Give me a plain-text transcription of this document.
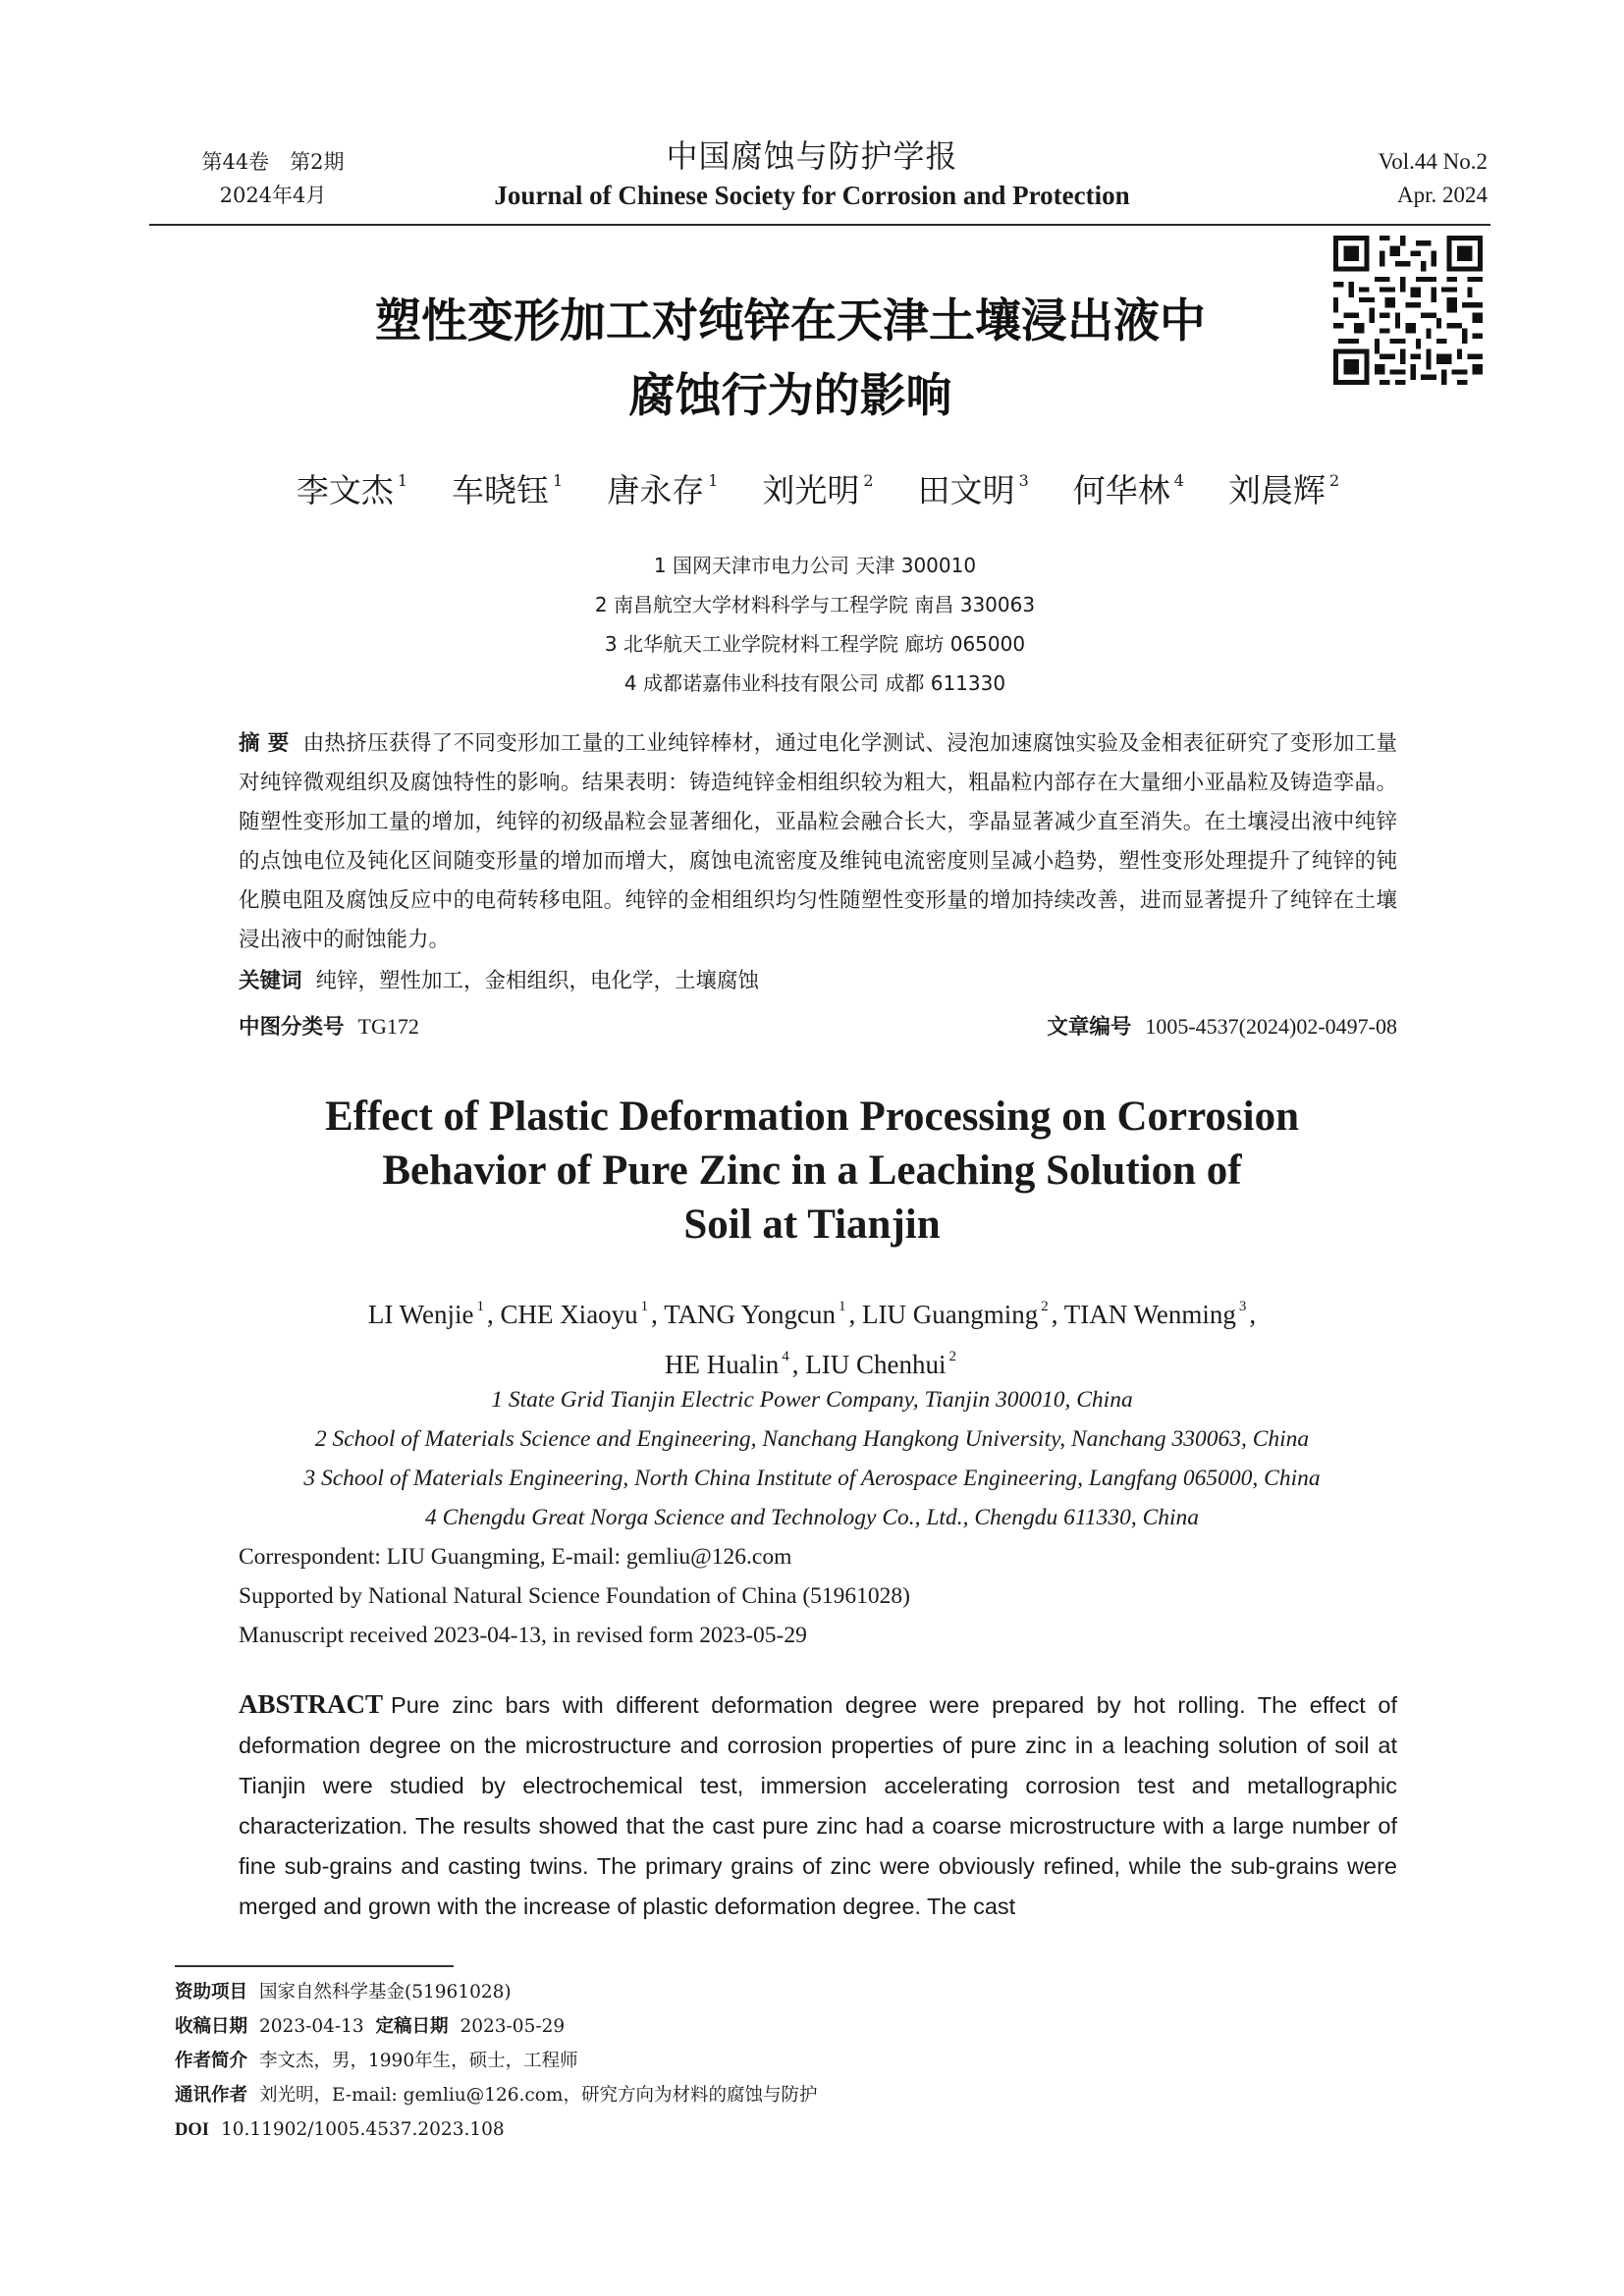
第44卷　第2期
2024年4月
中国腐蚀与防护学报
Journal of Chinese Society for Corrosion and Protection
Vol.44 No.2
Apr. 2024
塑性变形加工对纯锌在天津土壤浸出液中
腐蚀行为的影响
李文杰 $^1$ 车晓钰 $^1$ 唐永存 $^1$ 刘光明 $^2$ 田文明 $^3$ 何华林 $^4$ 刘晨辉 $^2$
1 国网天津市电力公司 天津 300010
2 南昌航空大学材料科学与工程学院 南昌 330063
3 北华航天工业学院材料工程学院 廊坊 065000
4 成都诺嘉伟业科技有限公司 成都 611330
摘 要 由热挤压获得了不同变形加工量的工业纯锌棒材，通过电化学测试、浸泡加速腐蚀实验及金相表征研究了变形加工量对纯锌微观组织及腐蚀特性的影响。结果表明：铸造纯锌金相组织较为粗大，粗晶粒内部存在大量细小亚晶粒及铸造孪晶。随塑性变形加工量的增加，纯锌的初级晶粒会显著细化，亚晶粒会融合长大，孪晶显著减少直至消失。在土壤浸出液中纯锌的点蚀电位及钝化区间随变形量的增加而增大，腐蚀电流密度及维钝电流密度则呈减小趋势，塑性变形处理提升了纯锌的钝化膜电阻及腐蚀反应中的电荷转移电阻。纯锌的金相组织均匀性随塑性变形量的增加持续改善，进而显著提升了纯锌在土壤浸出液中的耐蚀能力。
关键词 纯锌，塑性加工，金相组织，电化学，土壤腐蚀
中图分类号 TG172	文章编号 1005-4537(2024)02-0497-08
Effect of Plastic Deformation Processing on Corrosion
Behavior of Pure Zinc in a Leaching Solution of
Soil at Tianjin
LI Wenjie $^1$ , CHE Xiaoyu $^1$ , TANG Yongcun $^1$ , LIU Guangming $^2$ , TIAN Wenming $^3$ ,
HE Hualin $^4$ , LIU Chenhui $^2$
1 State Grid Tianjin Electric Power Company, Tianjin 300010, China
2 School of Materials Science and Engineering, Nanchang Hangkong University, Nanchang 330063, China
3 School of Materials Engineering, North China Institute of Aerospace Engineering, Langfang 065000, China
4 Chengdu Great Norga Science and Technology Co., Ltd., Chengdu 611330, China
Correspondent: LIU Guangming, E-mail: gemliu@126.com
Supported by National Natural Science Foundation of China (51961028)
Manuscript received 2023-04-13, in revised form 2023-05-29
ABSTRACT Pure zinc bars with different deformation degree were prepared by hot rolling. The effect of deformation degree on the microstructure and corrosion properties of pure zinc in a leaching solution of soil at Tianjin were studied by electrochemical test, immersion accelerating corrosion test and metallographic characterization. The results showed that the cast pure zinc had a coarse microstructure with a large number of fine sub-grains and casting twins. The primary grains of zinc were obviously refined, while the sub-grains were merged and grown with the increase of plastic deformation degree. The cast
资助项目 国家自然科学基金(51961028)
收稿日期 2023-04-13 定稿日期 2023-05-29
作者简介 李文杰，男，1990年生，硕士，工程师
通讯作者 刘光明，E-mail: gemliu@126.com，研究方向为材料的腐蚀与防护
DOI 10.11902/1005.4537.2023.108
